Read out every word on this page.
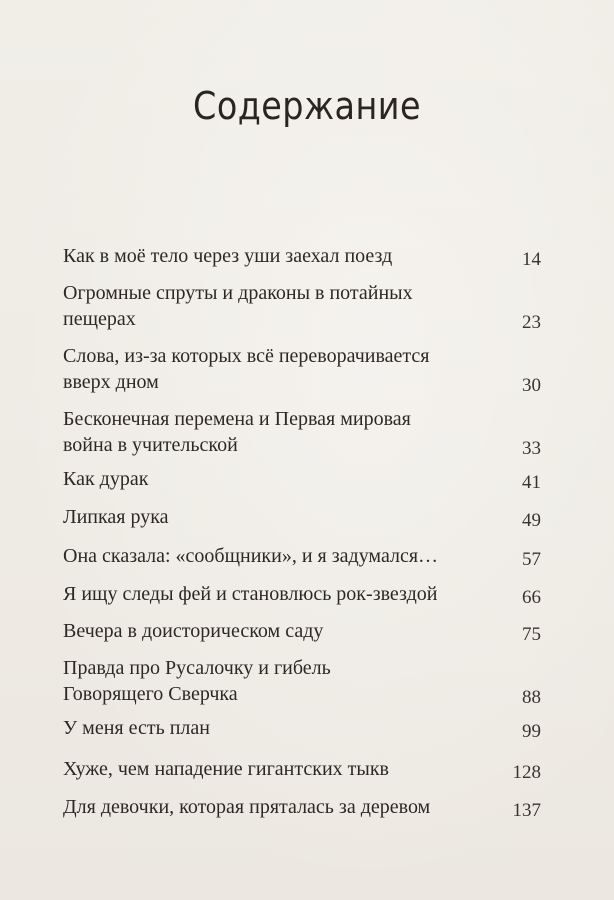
Содержание
Как в моё тело через уши заехал поезд	14
Огромные спруты и драконы в потайных пещерах	23
Слова, из-за которых всё переворачивается вверх дном	30
Бесконечная перемена и Первая мировая война в учительской	33
Как дурак	41
Липкая рука	49
Она сказала: «сообщники», и я задумался…	57
Я ищу следы фей и становлюсь рок-звездой	66
Вечера в доисторическом саду	75
Правда про Русалочку и гибель Говорящего Сверчка	88
У меня есть план	99
Хуже, чем нападение гигантских тыкв	128
Для девочки, которая пряталась за деревом	137
